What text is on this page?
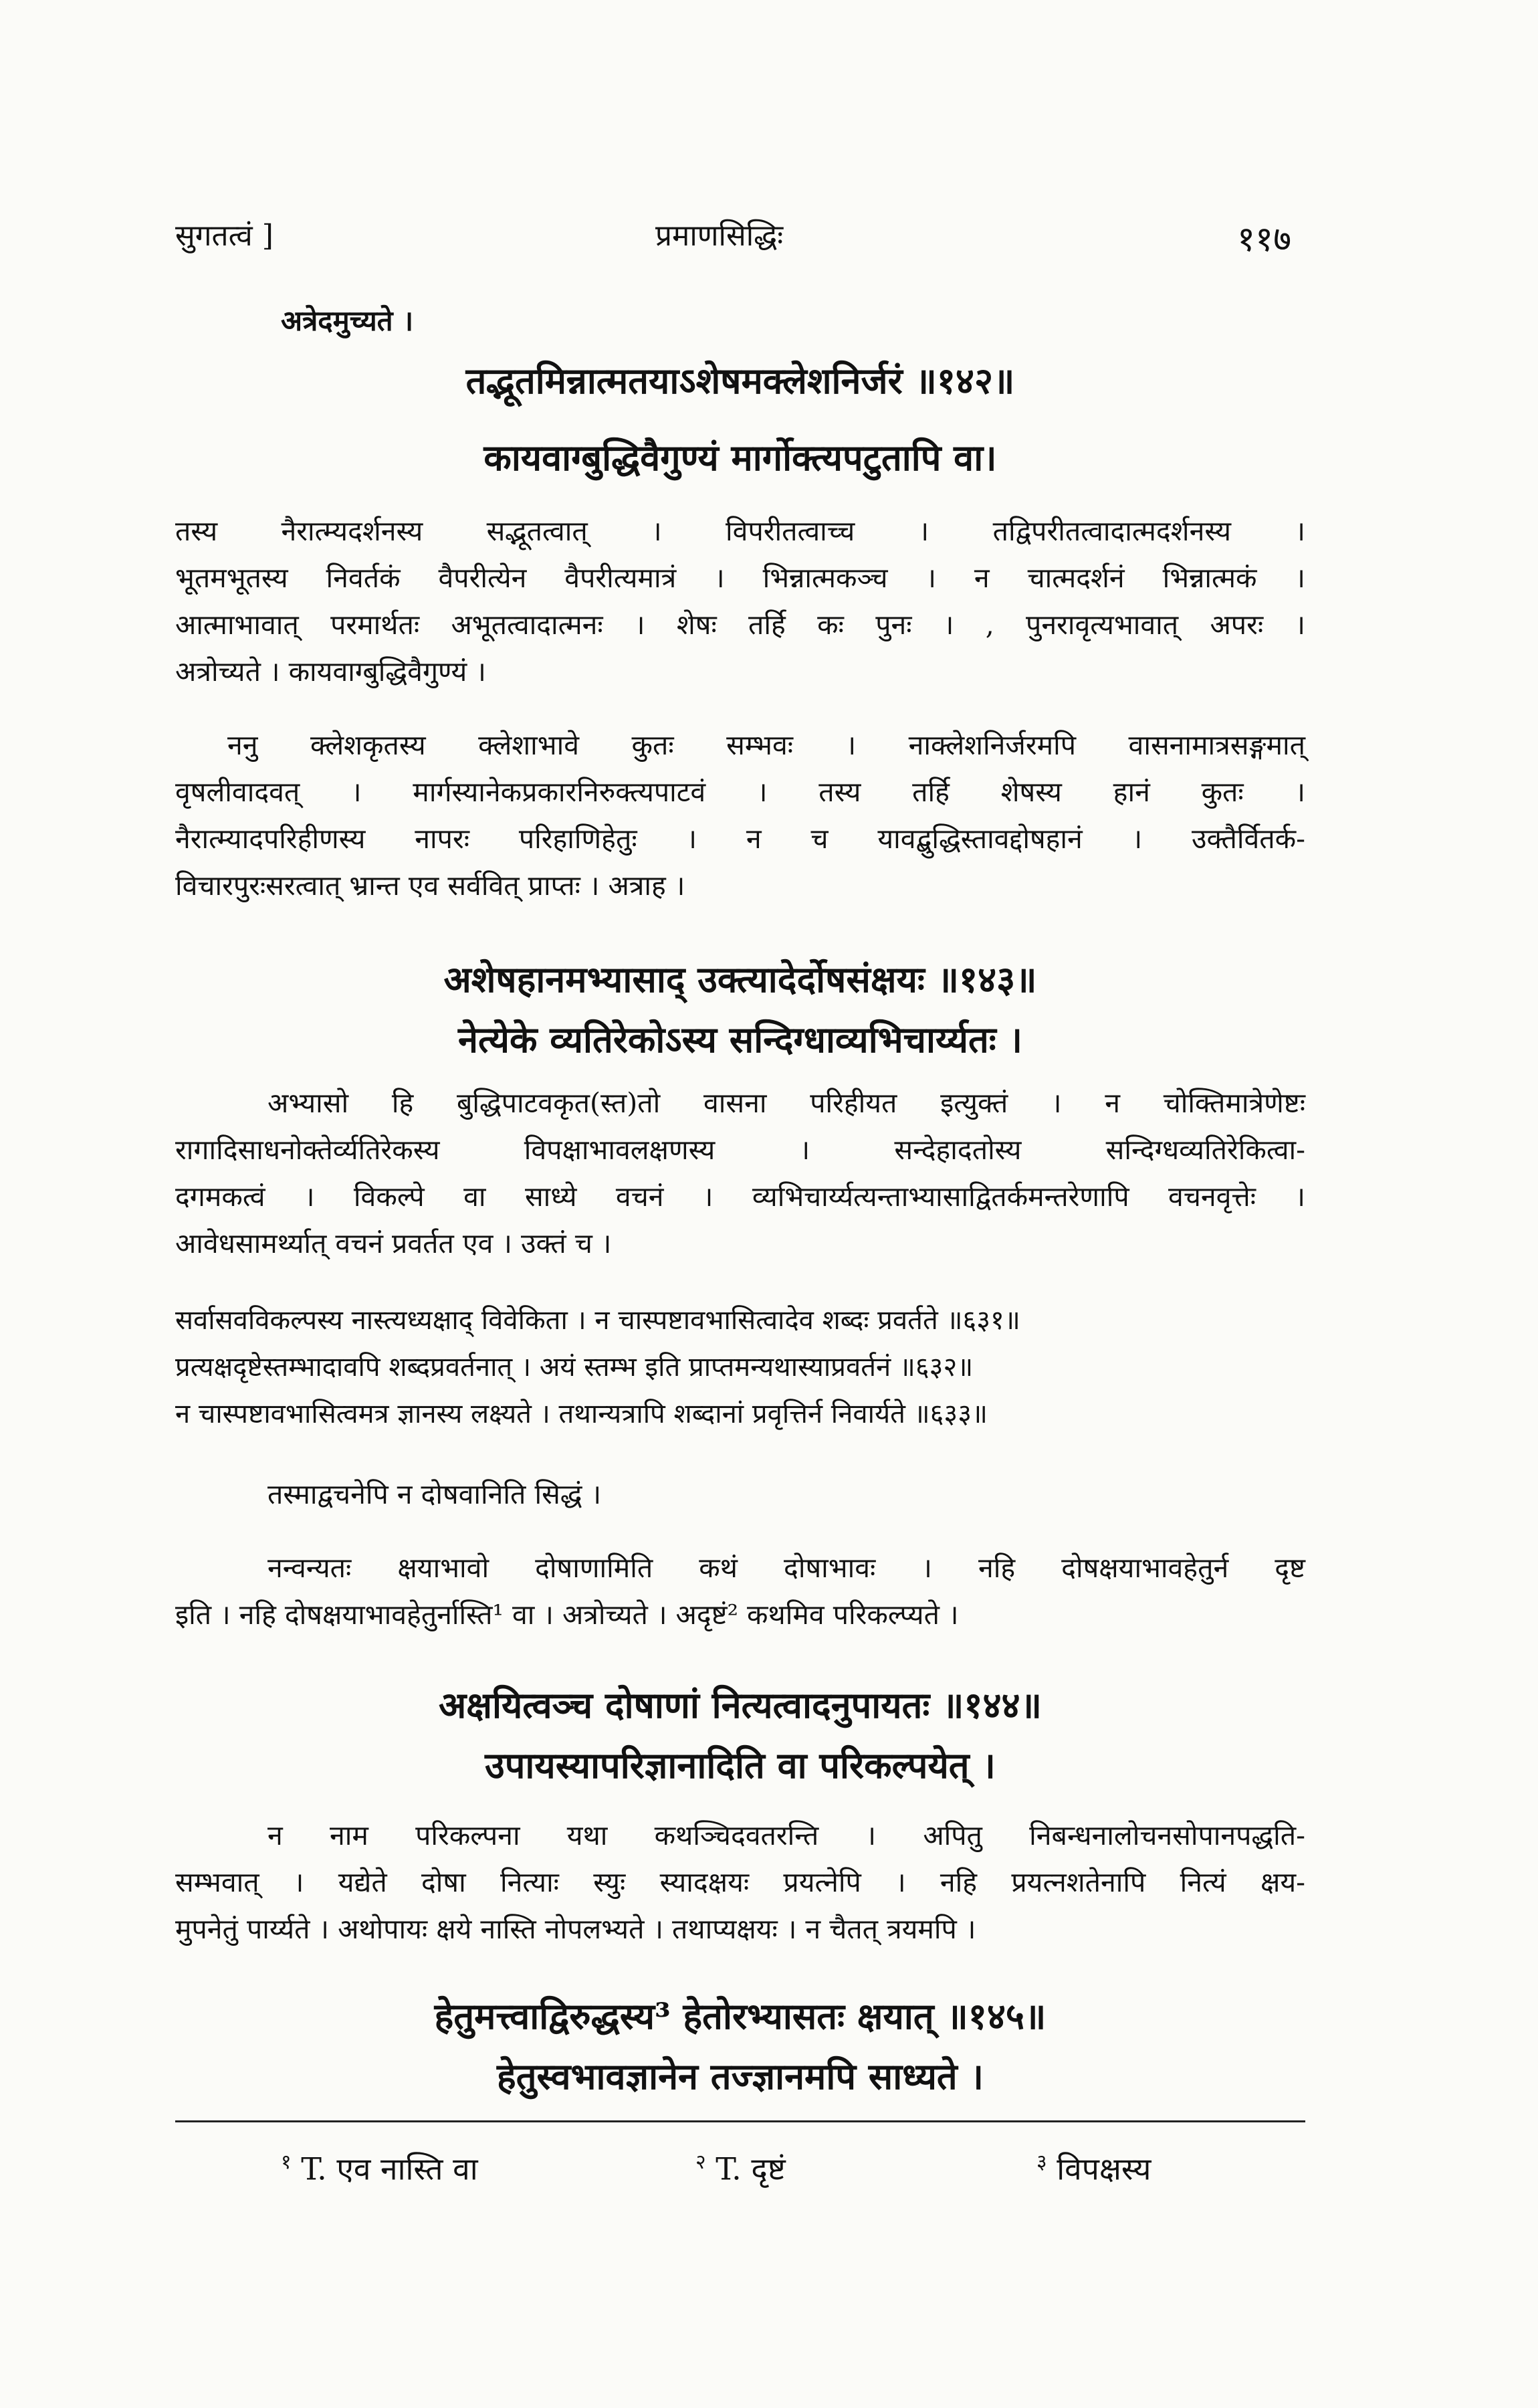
सुगतत्वं ]	प्रमाणसिद्धिः	११७
अत्रेदमुच्यते ।
तद्भूतमिन्नात्मतयाऽशेषमक्लेशनिर्जरं ॥१४२॥
कायवाग्बुद्धिवैगुण्यं मार्गोक्त्यपटुतापि वा।
तस्य नैरात्म्यदर्शनस्य सद्भूतत्वात् । विपरीतत्वाच्च । तद्विपरीतत्वादात्मदर्शनस्य ।
भूतमभूतस्य निवर्तकं वैपरीत्येन वैपरीत्यमात्रं । भिन्नात्मकञ्च । न चात्मदर्शनं भिन्नात्मकं ।
आत्माभावात् परमार्थतः अभूतत्वादात्मनः । शेषः तर्हि कः पुनः । , पुनरावृत्यभावात् अपरः ।
अत्रोच्यते । कायवाग्बुद्धिवैगुण्यं ।
ननु क्लेशकृतस्य क्लेशाभावे कुतः सम्भवः । नाक्लेशनिर्जरमपि वासनामात्रसङ्गमात्
वृषलीवादवत् । मार्गस्यानेकप्रकारनिरुक्त्यपाटवं । तस्य तर्हि शेषस्य हानं कुतः ।
नैरात्म्यादपरिहीणस्य नापरः परिहाणिहेतुः । न च यावद्बुद्धिस्तावद्दोषहानं । उक्तैर्वितर्क-
विचारपुरःसरत्वात् भ्रान्त एव सर्ववित् प्राप्तः । अत्राह ।
अशेषहानमभ्यासाद् उक्त्यादेर्दोषसंक्षयः ॥१४३॥
नेत्येके व्यतिरेकोऽस्य सन्दिग्धाव्यभिचार्य्यतः ।
अभ्यासो हि बुद्धिपाटवकृत(स्त)तो वासना परिहीयत इत्युक्तं । न चोक्तिमात्रेणेष्टः
रागादिसाधनोक्तेर्व्यतिरेकस्य विपक्षाभावलक्षणस्य । सन्देहादतोस्य सन्दिग्धव्यतिरेकित्वा-
दगमकत्वं । विकल्पे वा साध्ये वचनं । व्यभिचार्य्यत्यन्ताभ्यासाद्वितर्कमन्तरेणापि वचनवृत्तेः ।
आवेधसामर्थ्यात् वचनं प्रवर्तत एव । उक्तं च ।
सर्वासवविकल्पस्य नास्त्यध्यक्षाद् विवेकिता । न चास्पष्टावभासित्वादेव शब्दः प्रवर्तते ॥६३१॥
प्रत्यक्षदृष्टेस्तम्भादावपि शब्दप्रवर्तनात् । अयं स्तम्भ इति प्राप्तमन्यथास्याप्रवर्तनं ॥६३२॥
न चास्पष्टावभासित्वमत्र ज्ञानस्य लक्ष्यते । तथान्यत्रापि शब्दानां प्रवृत्तिर्न निवार्यते ॥६३३॥
तस्माद्वचनेपि न दोषवानिति सिद्धं ।
नन्वन्यतः क्षयाभावो दोषाणामिति कथं दोषाभावः । नहि दोषक्षयाभावहेतुर्न दृष्ट
इति । नहि दोषक्षयाभावहेतुर्नास्ति¹ वा । अत्रोच्यते । अदृष्टं² कथमिव परिकल्प्यते ।
अक्षयित्वञ्च दोषाणां नित्यत्वादनुपायतः ॥१४४॥
उपायस्यापरिज्ञानादिति वा परिकल्पयेत् ।
न नाम परिकल्पना यथा कथञ्चिदवतरन्ति । अपितु निबन्धनालोचनसोपानपद्धति-
सम्भवात् । यद्येते दोषा नित्याः स्युः स्यादक्षयः प्रयत्नेपि । नहि प्रयत्नशतेनापि नित्यं क्षय-
मुपनेतुं पार्य्यते । अथोपायः क्षये नास्ति नोपलभ्यते । तथाप्यक्षयः । न चैतत् त्रयमपि ।
हेतुमत्त्वाद्विरुद्धस्य³ हेतोरभ्यासतः क्षयात् ॥१४५॥
हेतुस्वभावज्ञानेन तज्ज्ञानमपि साध्यते ।
$^१$ T. एव नास्ति वा	$^२$ T. दृष्टं	$^३$ विपक्षस्य
